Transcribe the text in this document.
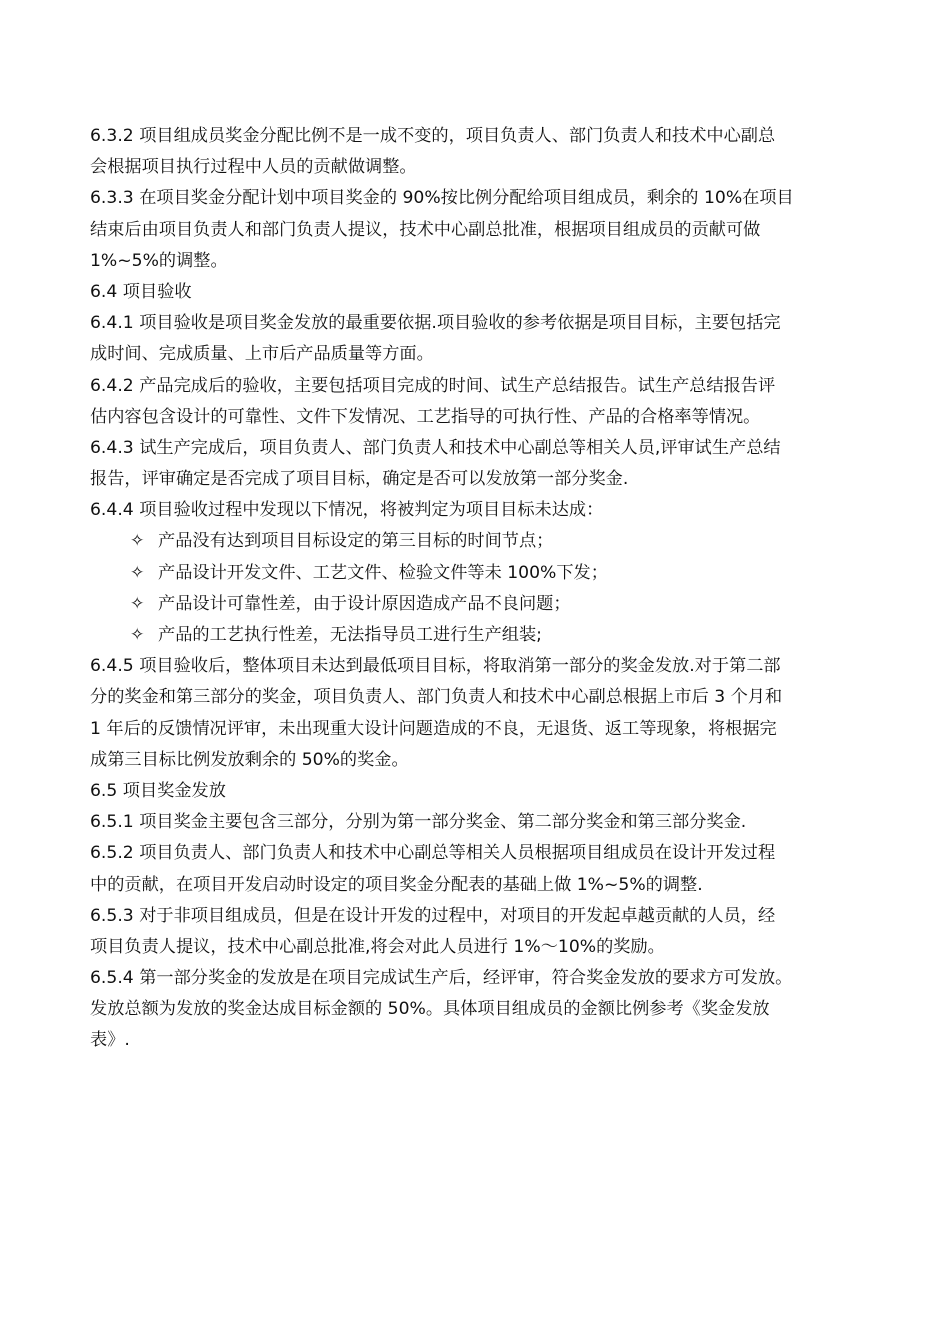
6.3.2 项目组成员奖金分配比例不是一成不变的，项目负责人、部门负责人和技术中心副总
会根据项目执行过程中人员的贡献做调整。
6.3.3 在项目奖金分配计划中项目奖金的 90%按比例分配给项目组成员，剩余的 10%在项目
结束后由项目负责人和部门负责人提议，技术中心副总批准，根据项目组成员的贡献可做
1%~5%的调整。
6.4 项目验收
6.4.1 项目验收是项目奖金发放的最重要依据.项目验收的参考依据是项目目标，主要包括完
成时间、完成质量、上市后产品质量等方面。
6.4.2 产品完成后的验收，主要包括项目完成的时间、试生产总结报告。试生产总结报告评
估内容包含设计的可靠性、文件下发情况、工艺指导的可执行性、产品的合格率等情况。
6.4.3 试生产完成后，项目负责人、部门负责人和技术中心副总等相关人员,评审试生产总结
报告，评审确定是否完成了项目目标，确定是否可以发放第一部分奖金.
6.4.4 项目验收过程中发现以下情况，将被判定为项目目标未达成：
✧ 产品没有达到项目目标设定的第三目标的时间节点；
✧ 产品设计开发文件、工艺文件、检验文件等未 100%下发；
✧ 产品设计可靠性差，由于设计原因造成产品不良问题；
✧ 产品的工艺执行性差，无法指导员工进行生产组装;
6.4.5 项目验收后，整体项目未达到最低项目目标，将取消第一部分的奖金发放.对于第二部
分的奖金和第三部分的奖金，项目负责人、部门负责人和技术中心副总根据上市后 3 个月和
1 年后的反馈情况评审，未出现重大设计问题造成的不良，无退货、返工等现象，将根据完
成第三目标比例发放剩余的 50%的奖金。
6.5 项目奖金发放
6.5.1 项目奖金主要包含三部分，分别为第一部分奖金、第二部分奖金和第三部分奖金.
6.5.2 项目负责人、部门负责人和技术中心副总等相关人员根据项目组成员在设计开发过程
中的贡献，在项目开发启动时设定的项目奖金分配表的基础上做 1%~5%的调整.
6.5.3 对于非项目组成员，但是在设计开发的过程中，对项目的开发起卓越贡献的人员，经
项目负责人提议，技术中心副总批准,将会对此人员进行 1%～10%的奖励。
6.5.4 第一部分奖金的发放是在项目完成试生产后，经评审，符合奖金发放的要求方可发放。
发放总额为发放的奖金达成目标金额的 50%。具体项目组成员的金额比例参考《奖金发放
表》.
